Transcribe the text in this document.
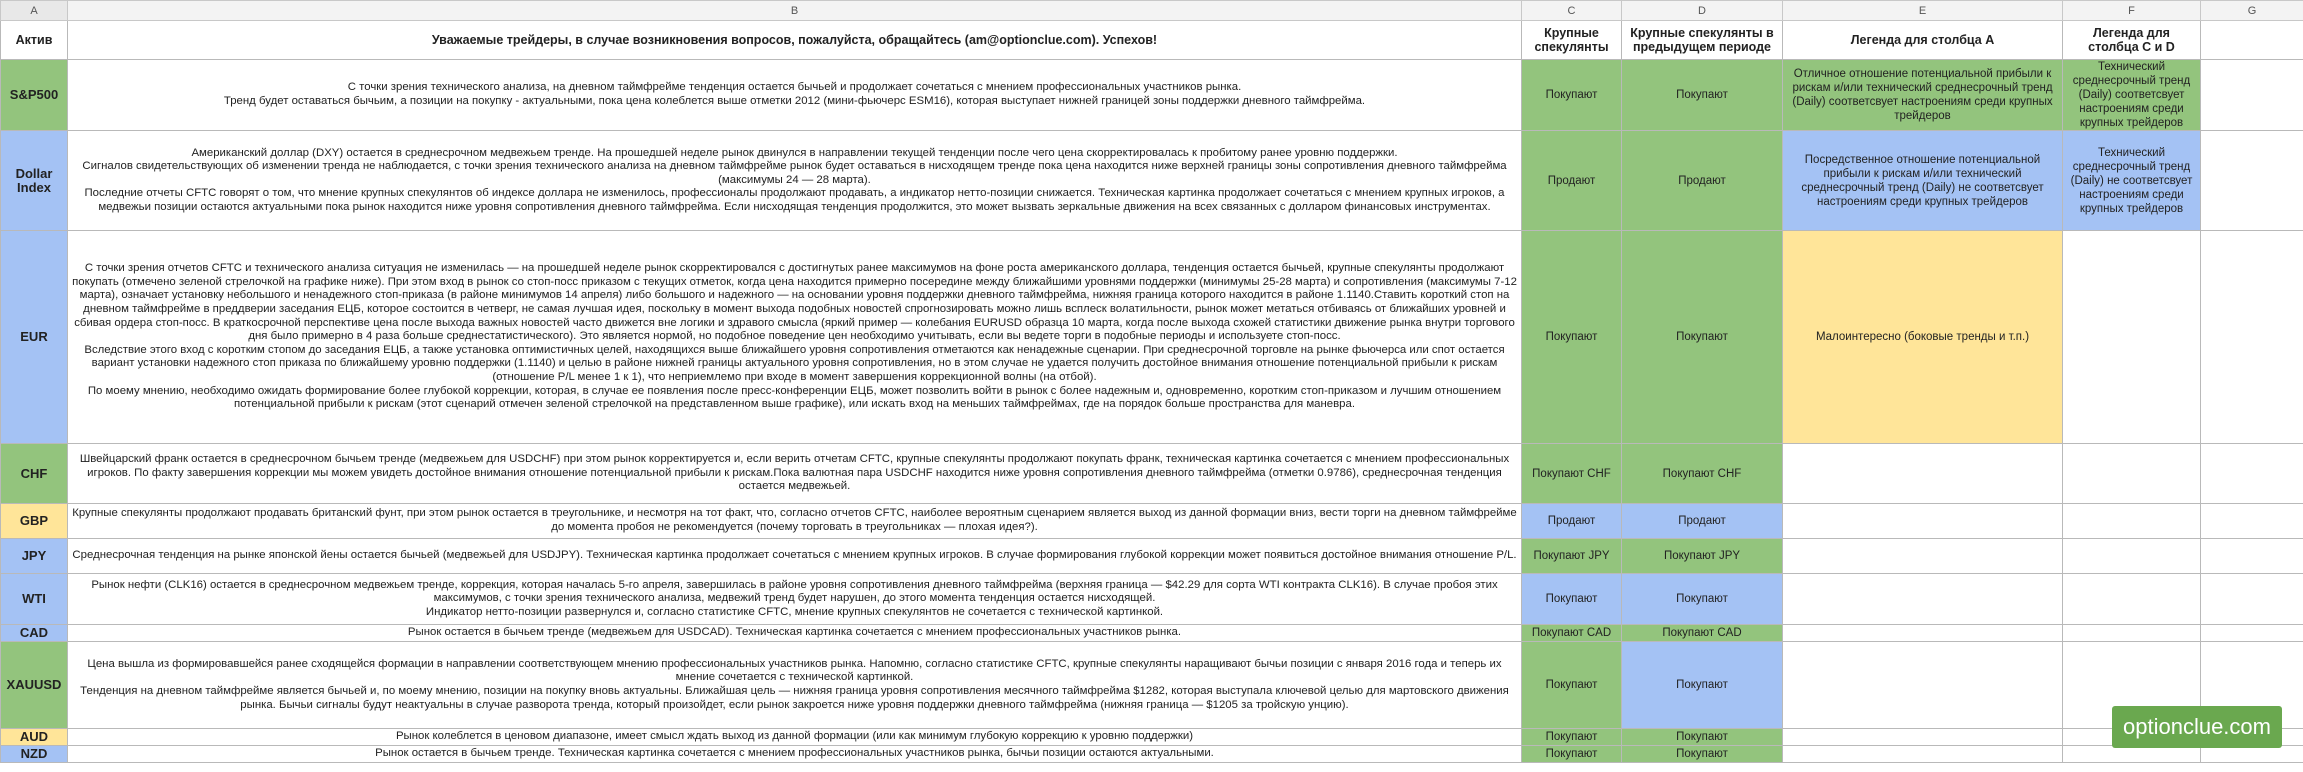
A	B	C	D	E	F	G
Актив	Уважаемые трейдеры, в случае возникновения вопросов, пожалуйста, обращайтесь (am@optionclue.com). Успехов!	Крупные спекулянты	Крупные спекулянты в предыдущем периоде	Легенда для столбца A	Легенда для столбца C и D	
S&P500	С точки зрения технического анализа, на дневном таймфрейме тенденция остается бычьей и продолжает сочетаться с мнением профессиональных участников рынка.
Тренд будет оставаться бычьим, а позиции на покупку - актуальными, пока цена колеблется выше отметки 2012 (мини-фьючерс ESM16), которая выступает нижней границей зоны поддержки дневного таймфрейма.	Покупают	Покупают	Отличное отношение потенциальной прибыли к рискам и/или технический среднесрочный тренд (Daily) соответсвует настроениям среди крупных трейдеров	Технический среднесрочный тренд (Daily) соответсвует настроениям среди крупных трейдеров	
Dollar Index	Американский доллар (DXY) остается в среднесрочном медвежьем тренде. На прошедшей неделе рынок двинулся в направлении текущей тенденции после чего цена скорректировалась к пробитому ранее уровню поддержки.
Сигналов свидетельствующих об изменении тренда не наблюдается, с точки зрения технического анализа на дневном таймфрейме рынок будет оставаться в нисходящем тренде пока цена находится ниже верхней границы зоны сопротивления дневного таймфрейма (максимумы 24 — 28 марта).
Последние отчеты CFTC говорят о том, что мнение крупных спекулянтов об индексе доллара не изменилось, профессионалы продолжают продавать, а индикатор нетто-позиции снижается. Техническая картинка продолжает сочетаться с мнением крупных игроков, а медвежьи позиции остаются актуальными пока рынок находится ниже уровня сопротивления дневного таймфрейма. Если нисходящая тенденция продолжится, это может вызвать зеркальные движения на всех связанных с долларом финансовых инструментах.	Продают	Продают	Посредственное отношение потенциальной прибыли к рискам и/или технический среднесрочный тренд (Daily) не соответсвует настроениям среди крупных трейдеров	Технический среднесрочный тренд (Daily) не соответсвует настроениям среди крупных трейдеров	
EUR	С точки зрения отчетов CFTC и технического анализа ситуация не изменилась — на прошедшей неделе рынок скорректировался с достигнутых ранее максимумов на фоне роста американского доллара, тенденция остается бычьей, крупные спекулянты продолжают покупать (отмечено зеленой стрелочкой на графике ниже). При этом вход в рынок со стоп-посс приказом с текущих отметок, когда цена находится примерно посередине между ближайшими уровнями поддержки (минимумы 25-28 марта) и сопротивления (максимумы 7-12 марта), означает установку небольшого и ненадежного стоп-приказа (в районе минимумов 14 апреля) либо большого и надежного — на основании уровня поддержки дневного таймфрейма, нижняя граница которого находится в районе 1.1140.Ставить короткий стоп на дневном таймфрейме в преддверии заседания ЕЦБ, которое состоится в четверг, не самая лучшая идея, поскольку в момент выхода подобных новостей спрогнозировать можно лишь всплеск волатильности, рынок может метаться отбиваясь от ближайших уровней и сбивая ордера стоп-посс. В краткосрочной перспективе цена после выхода важных новостей часто движется вне логики и здравого смысла (яркий пример — колебания EURUSD образца 10 марта, когда после выхода схожей статистики движение рынка внутри торгового дня было примерно в 4 раза больше среднестатистического). Это является нормой, но подобное поведение цен необходимо учитывать, если вы ведете торги в подобные периоды и используете стоп-посс.
Вследствие этого вход с коротким стопом до заседания ЕЦБ, а также установка оптимистичных целей, находящихся выше ближайшего уровня сопротивления отметаются как ненадежные сценарии. При среднесрочной торговле на рынке фьючерса или спот остается вариант установки надежного стоп приказа по ближайшему уровню поддержки (1.1140) и целью в районе нижней границы актуального уровня сопротивления, но в этом случае не удается получить достойное внимания отношение потенциальной прибыли к рискам (отношение P/L менее 1 к 1), что неприемлемо при входе в момент завершения коррекционной волны (на отбой).
По моему мнению, необходимо ожидать формирование более глубокой коррекции, которая, в случае ее появления после пресс-конференции ЕЦБ, может позволить войти в рынок с более надежным и, одновременно, коротким стоп-приказом и лучшим отношением потенциальной прибыли к рискам (этот сценарий отмечен зеленой стрелочкой на представленном выше графике), или искать вход на меньших таймфреймах, где на порядок больше пространства для маневра.	Покупают	Покупают	Малоинтересно (боковые тренды и т.п.)		
CHF	Швейцарский франк остается в среднесрочном бычьем тренде (медвежьем для USDCHF) при этом рынок корректируется и, если верить отчетам CFTC, крупные спекулянты продолжают покупать франк, техническая картинка сочетается с мнением профессиональных игроков. По факту завершения коррекции мы можем увидеть достойное внимания отношение потенциальной прибыли к рискам.Пока валютная пара USDCHF находится ниже уровня сопротивления дневного таймфрейма (отметки 0.9786), среднесрочная тенденция остается медвежьей.	Покупают CHF	Покупают CHF			
GBP	Крупные спекулянты продолжают продавать британский фунт, при этом рынок остается в треугольнике, и несмотря на тот факт, что, согласно отчетов CFTC, наиболее вероятным сценарием является выход из данной формации вниз, вести торги на дневном таймфрейме до момента пробоя не рекомендуется (почему торговать в треугольниках — плохая идея?).	Продают	Продают			
JPY	Среднесрочная тенденция на рынке японской йены остается бычьей (медвежьей для USDJPY). Техническая картинка продолжает сочетаться с мнением крупных игроков. В случае формирования глубокой коррекции может появиться достойное внимания отношение P/L.	Покупают JPY	Покупают JPY			
WTI	Рынок нефти (CLK16) остается в среднесрочном медвежьем тренде, коррекция, которая началась 5-го апреля, завершилась в районе уровня сопротивления дневного таймфрейма (верхняя граница — $42.29 для сорта WTI контракта CLK16). В случае пробоя этих максимумов, с точки зрения технического анализа, медвежий тренд будет нарушен, до этого момента тенденция остается нисходящей.
Индикатор нетто-позиции развернулся и, согласно статистике CFTC, мнение крупных спекулянтов не сочетается с технической картинкой.	Покупают	Покупают			
CAD	Рынок остается в бычьем тренде (медвежьем для USDCAD). Техническая картинка сочетается с мнением профессиональных участников рынка.	Покупают CAD	Покупают CAD			
XAUUSD	Цена вышла из формировавшейся ранее сходящейся формации в направлении соответствующем мнению профессиональных участников рынка. Напомню, согласно статистике CFTC, крупные спекулянты наращивают бычьи позиции с января 2016 года и теперь их мнение сочетается с технической картинкой.
Тенденция на дневном таймфрейме является бычьей и, по моему мнению, позиции на покупку вновь актуальны. Ближайшая цель — нижняя граница уровня сопротивления месячного таймфрейма $1282, которая выступала ключевой целью для мартовского движения рынка. Бычьи сигналы будут неактуальны в случае разворота тренда, который произойдет, если рынок закроется ниже уровня поддержки дневного таймфрейма (нижняя граница — $1205 за тройскую унцию).	Покупают	Покупают			
AUD	Рынок колеблется в ценовом диапазоне, имеет смысл ждать выход из данной формации (или как минимум глубокую коррекцию к уровню поддержки)	Покупают	Покупают			
NZD	Рынок остается в бычьем тренде. Техническая картинка сочетается с мнением профессиональных участников рынка, бычьи позиции остаются актуальными.	Покупают	Покупают			
optionclue.com
